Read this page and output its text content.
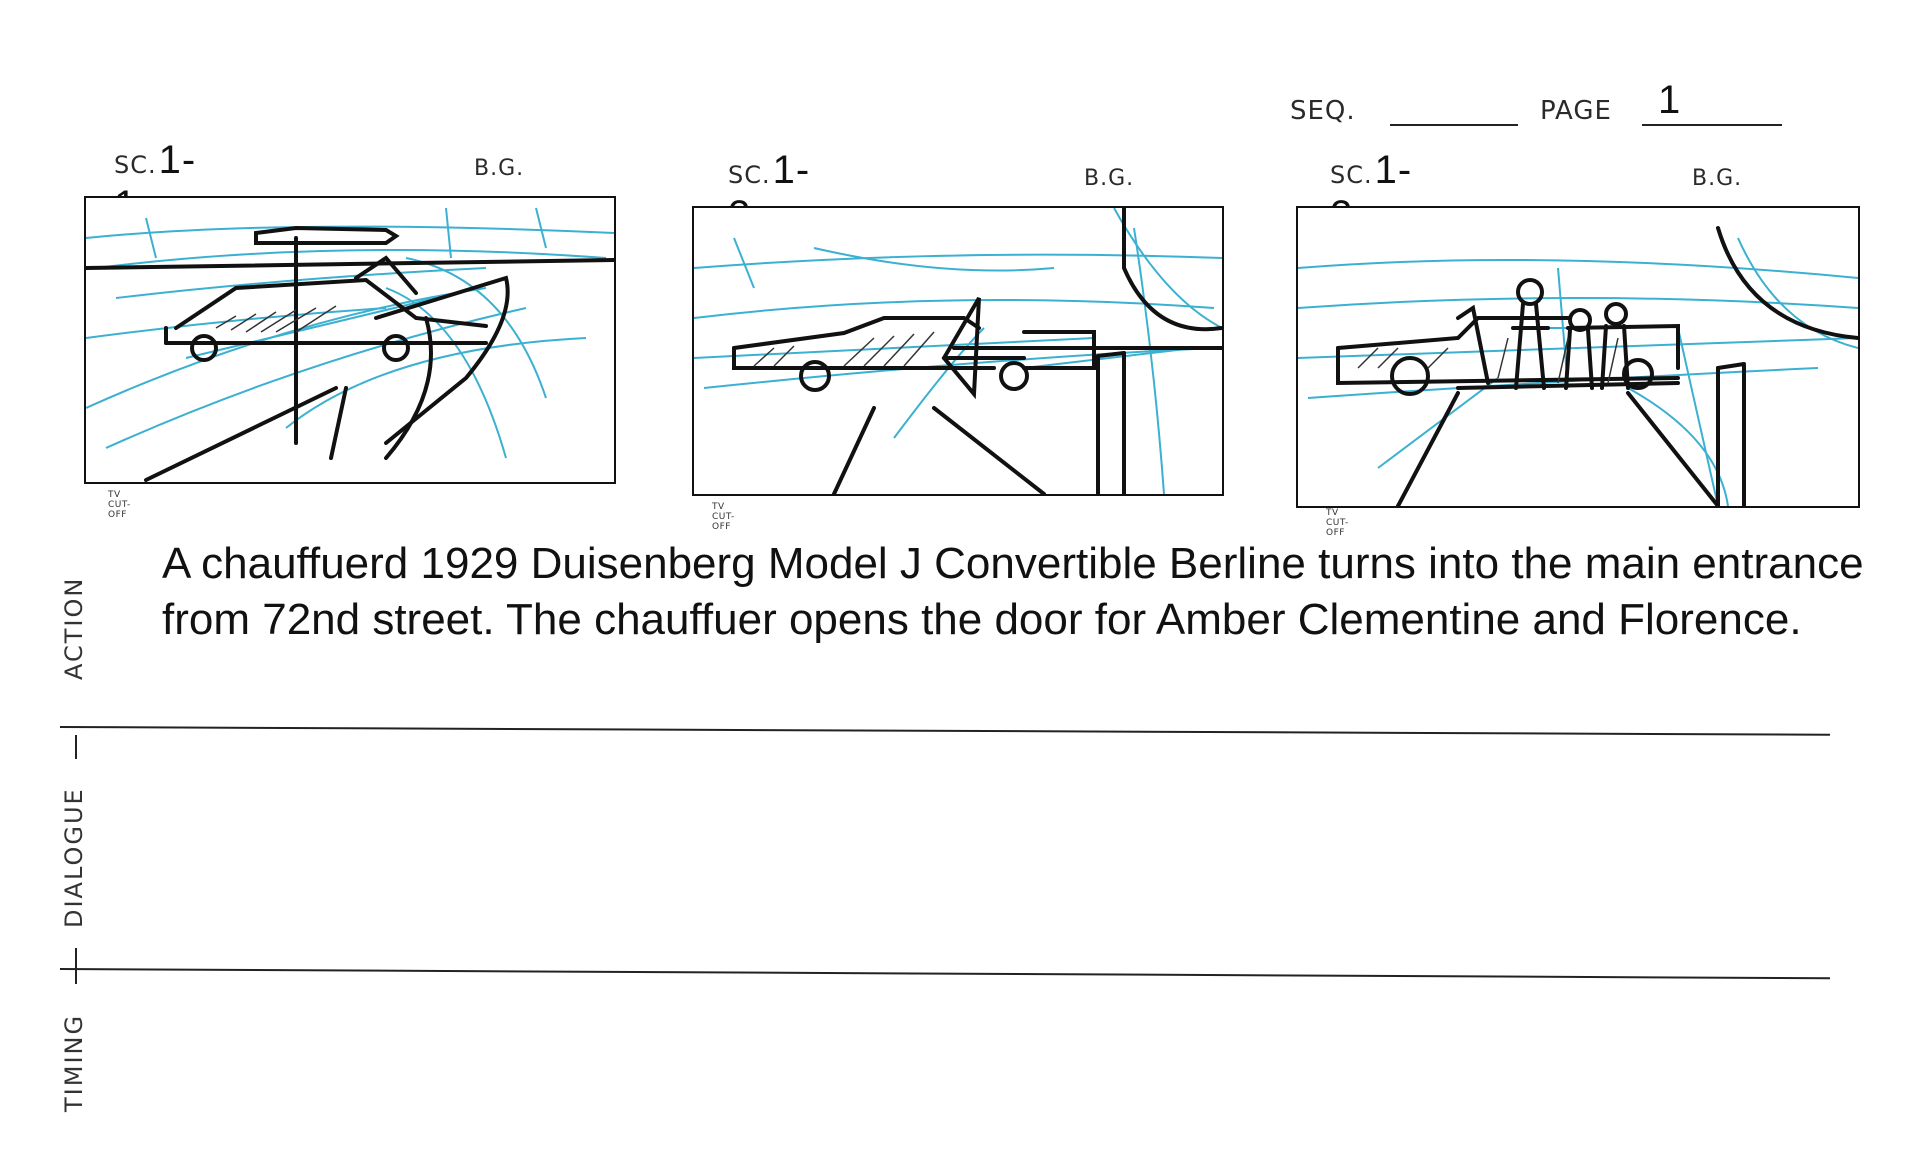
SEQ.	PAGE 1
SC.1-	B.G.
TV CUT-OFF
SC.1-	B.G.
TV CUT-OFF
SC.1-	B.G.
TV CUT-OFF
ACTION
DIALOGUE
TIMING
A chauffuerd 1929 Duisenberg Model J Convertible Berline turns into the main entrance from 72nd street. The chauffuer opens the door for Amber Clementine and Florence.
